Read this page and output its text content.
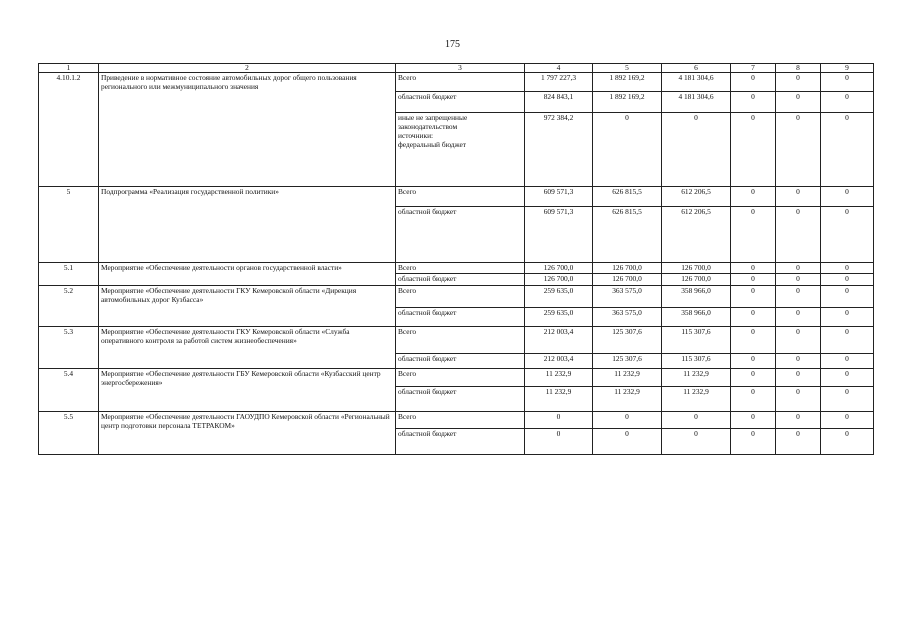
175
1	2	3	4	5	6	7	8	9
4.10.1.2	Приведение в нормативное состояние автомобильных дорог общего пользования регионального или межмуниципального значения	Всего	1 797 227,3	1 892 169,2	4 181 304,6	0	0	0
		областной бюджет	824 843,1	1 892 169,2	4 181 304,6	0	0	0

		иные не запрещенные
законодательством
источники:
федеральный бюджет	972 384,2	0	0	0	0	0
5	Подпрограмма «Реализация государственной политики»	Всего	609 571,3	626 815,5	612 206,5	0	0	0
		областной бюджет	609 571,3	626 815,5	612 206,5	0	0	0
5.1	Мероприятие «Обеспечение деятельности органов государственной власти»	Всего	126 700,0	126 700,0	126 700,0	0	0	0
		областной бюджет	126 700,0	126 700,0	126 700,0	0	0	0
5.2	Мероприятие «Обеспечение деятельности ГКУ Кемеровской области «Дирекция автомобильных дорог Кузбасса»	Всего	259 635,0	363 575,0	358 966,0	0	0	0
		областной бюджет	259 635,0	363 575,0	358 966,0	0	0	0
5.3	Мероприятие «Обеспечение деятельности ГКУ Кемеровской области «Служба оперативного контроля за работой систем жизнеобеспечения»	Всего	212 003,4	125 307,6	115 307,6	0	0	0
		областной бюджет	212 003,4	125 307,6	115 307,6	0	0	0
5.4	Мероприятие «Обеспечение деятельности ГБУ Кемеровской области «Кузбасский центр энергосбережения»	Всего	11 232,9	11 232,9	11 232,9	0	0	0
		областной бюджет	11 232,9	11 232,9	11 232,9	0	0	0
5.5	Мероприятие «Обеспечение деятельности ГАОУДПО Кемеровской области «Региональный центр подготовки персонала ТЕТРАКОМ»	Всего	0	0	0	0	0	0
		областной бюджет	0	0	0	0	0	0
